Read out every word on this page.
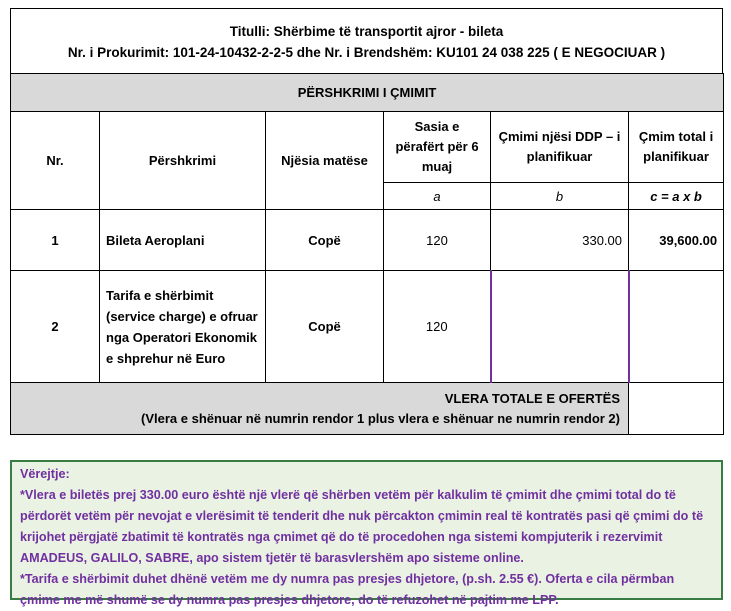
Titulli: Shërbime të transportit ajror - bileta
Nr. i Prokurimit: 101-24-10432-2-2-5 dhe Nr. i Brendshëm: KU101 24 038 225 ( E NEGOCIUAR )
PËRSHKRIMI I ÇMIMIT					
Nr.	Përshkrimi	Njësia matëse	Sasia e përafërt për 6 muaj	Çmimi njësi DDP – i planifikuar	Çmim total i planifikuar
			a	b	c = a x b
1	Bileta Aeroplani	Copë	120	330.00	39,600.00
2	Tarifa e shërbimit (service charge) e ofruar nga Operatori Ekonomik e shprehur në Euro	Copë	120		

VLERA TOTALE E OFERTËS
(Vlera e shënuar në numrin rendor 1 plus vlera e shënuar ne numrin rendor 2)					

Vërejtje:

*Vlera e biletës prej 330.00 euro është një vlerë që shërben vetëm për kalkulim të çmimit dhe çmimi total do të përdorët vetëm për nevojat e vlerësimit të tenderit dhe nuk përcakton çmimin real të kontratës pasi që çmimi do të krijohet përgjatë zbatimit të kontratës nga çmimet që do të procedohen nga sistemi kompjuterik i rezervimit AMADEUS, GALILO, SABRE, apo sistem tjetër të barasvlershëm apo sisteme online.

*Tarifa e shërbimit duhet dhënë vetëm me dy numra pas presjes dhjetore, (p.sh. 2.55 €). Oferta e cila përmban çmime me më shumë se dy numra pas presjes dhjetore, do të refuzohet në pajtim me LPP.
